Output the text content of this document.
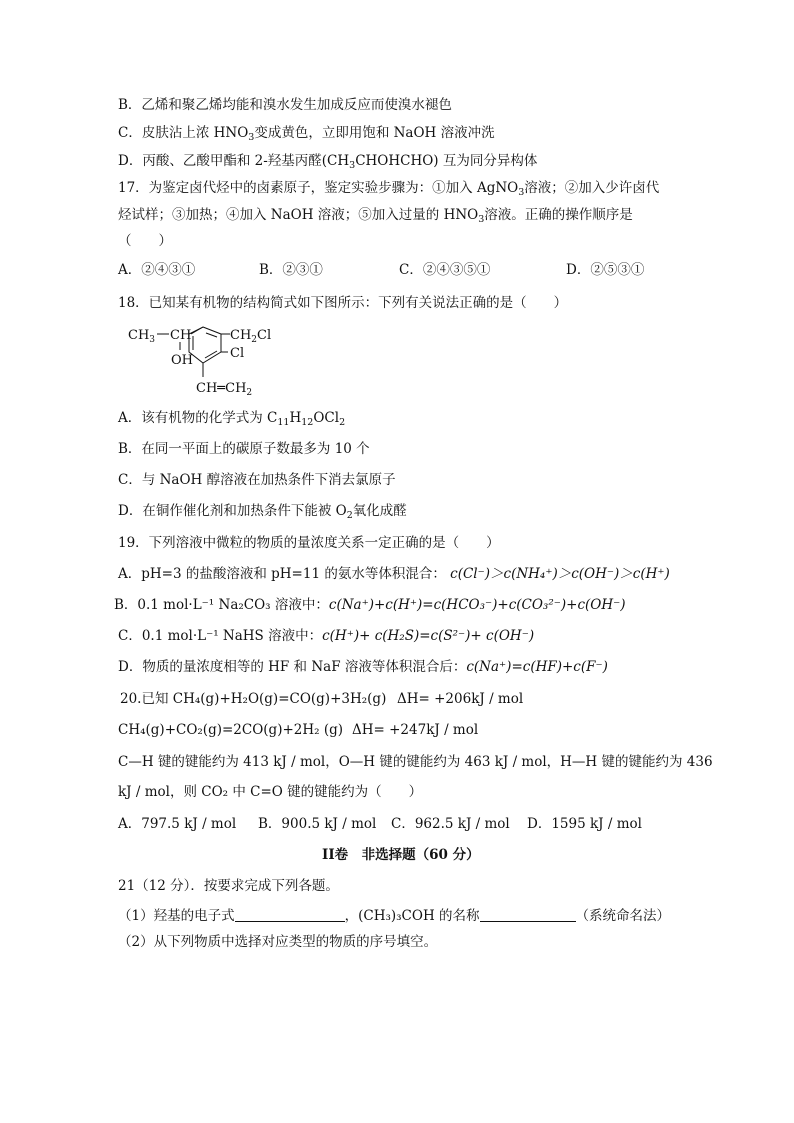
B．乙烯和聚乙烯均能和溴水发生加成反应而使溴水褪色
C．皮肤沾上浓 $HNO_3$变成黄色，立即用饱和 NaOH 溶液冲洗
D．丙酸、乙酸甲酯和 2-羟基丙醛$(CH_3CHOHCHO)$ 互为同分异构体
17．为鉴定卤代烃中的卤素原子，鉴定实验步骤为：①加入 AgNO$_3$溶液；②加入少许卤代
烃试样；③加热；④加入 NaOH 溶液；⑤加入过量的 $HNO_3$溶液。正确的操作顺序是
（　　）
A．②④③①	B．②③①	C．②④③⑤①	D．②⑤③①
18．已知某有机物的结构简式如下图所示：下列有关说法正确的是（　　）
$CH_3$ CH
OH
$CH_2Cl$
Cl
$CH═CH_2$
A．该有机物的化学式为 $C_{11}H_{12}OCl_2$
B．在同一平面上的碳原子数最多为 10 个
C．与 NaOH 醇溶液在加热条件下消去氯原子
D．在铜作催化剂和加热条件下能被 $O_2$氧化成醛
19．下列溶液中微粒的物质的量浓度关系一定正确的是（　　）
A．pH=3 的盐酸溶液和 pH=11 的氨水等体积混合： c(Cl⁻)＞c(NH₄⁺)＞c(OH⁻)＞c(H⁺)
B．0.1 mol·L⁻¹ Na₂CO₃ 溶液中：c(Na⁺)+c(H⁺)=c(HCO₃⁻)+c(CO₃²⁻)+c(OH⁻)
C．0.1 mol·L⁻¹ NaHS 溶液中：c(H⁺)+ c(H₂S)=c(S²⁻)+ c(OH⁻)
D．物质的量浓度相等的 HF 和 NaF 溶液等体积混合后：c(Na⁺)=c(HF)+c(F⁻)
20.已知 CH₄(g)+H₂O(g)=CO(g)+3H₂(g) ΔH= +206kJ / mol
CH₄(g)+CO₂(g)=2CO(g)+2H₂ (g) ΔH= +247kJ / mol
C—H 键的键能约为 413 kJ / mol，O—H 键的键能约为 463 kJ / mol，H—H 键的键能约为 436
kJ / mol，则 CO₂ 中 C=O 键的键能约为（　　）
A．797.5 kJ / mol B．900.5 kJ / mol C．962.5 kJ / mol D．1595 kJ / mol
II卷　非选择题（60 分）
21（12 分）．按要求完成下列各题。
（1）羟基的电子式	，(CH₃)₃COH 的名称	（系统命名法）
（2）从下列物质中选择对应类型的物质的序号填空。
